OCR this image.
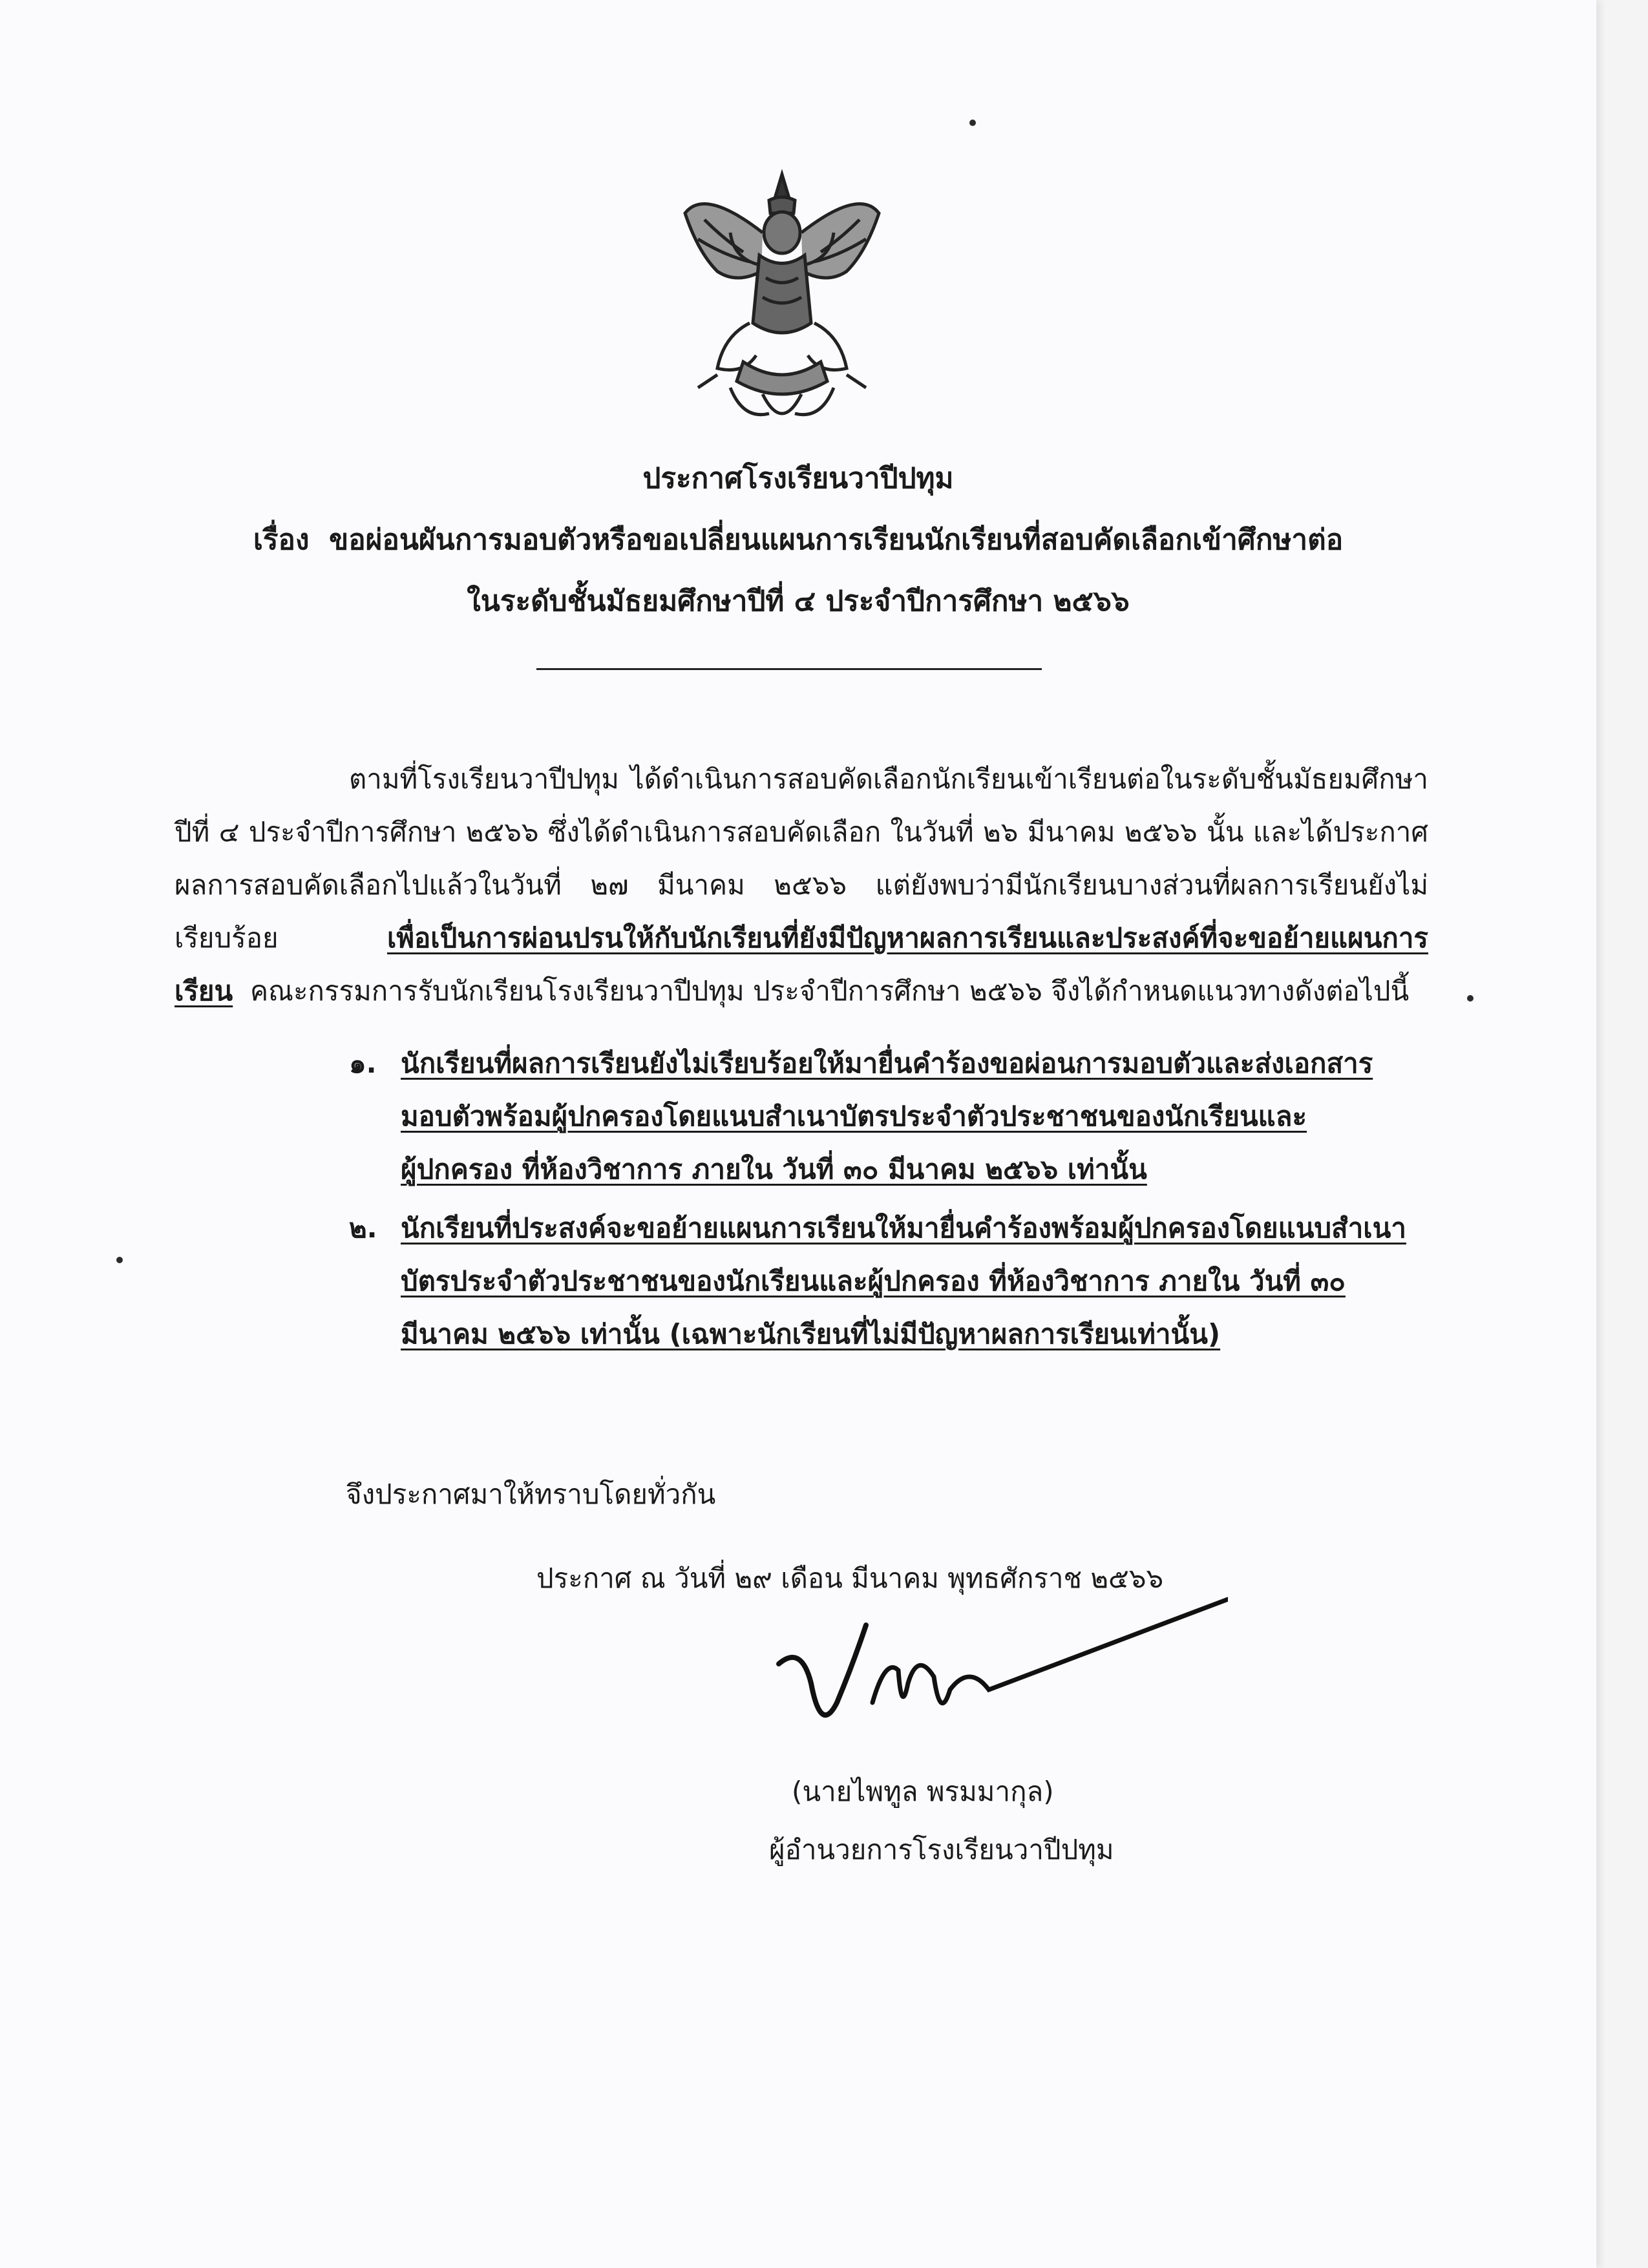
ประกาศโรงเรียนวาปีปทุม
เรื่อง ขอผ่อนผันการมอบตัวหรือขอเปลี่ยนแผนการเรียนนักเรียนที่สอบคัดเลือกเข้าศึกษาต่อ
ในระดับชั้นมัธยมศึกษาปีที่ ๔ ประจำปีการศึกษา ๒๕๖๖
ตามที่โรงเรียนวาปีปทุม ได้ดำเนินการสอบคัดเลือกนักเรียนเข้าเรียนต่อในระดับชั้นมัธยมศึกษาปีที่ ๔ ประจำปีการศึกษา ๒๕๖๖ ซึ่งได้ดำเนินการสอบคัดเลือก ในวันที่ ๒๖ มีนาคม ๒๕๖๖ นั้น และได้ประกาศผลการสอบคัดเลือกไปแล้วในวันที่ ๒๗ มีนาคม ๒๕๖๖ แต่ยังพบว่ามีนักเรียนบางส่วนที่ผลการเรียนยังไม่เรียบร้อย	เพื่อเป็นการผ่อนปรนให้กับนักเรียนที่ยังมีปัญหาผลการเรียนและประสงค์ที่จะขอย้ายแผนการเรียน คณะกรรมการรับนักเรียนโรงเรียนวาปีปทุม ประจำปีการศึกษา ๒๕๖๖ จึงได้กำหนดแนวทางดังต่อไปนี้
๑. นักเรียนที่ผลการเรียนยังไม่เรียบร้อยให้มายื่นคำร้องขอผ่อนการมอบตัวและส่งเอกสาร
มอบตัวพร้อมผู้ปกครองโดยแนบสำเนาบัตรประจำตัวประชาชนของนักเรียนและ
ผู้ปกครอง ที่ห้องวิชาการ ภายใน วันที่ ๓๐ มีนาคม ๒๕๖๖ เท่านั้น
๒. นักเรียนที่ประสงค์จะขอย้ายแผนการเรียนให้มายื่นคำร้องพร้อมผู้ปกครองโดยแนบสำเนา
บัตรประจำตัวประชาชนของนักเรียนและผู้ปกครอง ที่ห้องวิชาการ ภายใน วันที่ ๓๐
มีนาคม ๒๕๖๖ เท่านั้น (เฉพาะนักเรียนที่ไม่มีปัญหาผลการเรียนเท่านั้น)
จึงประกาศมาให้ทราบโดยทั่วกัน
ประกาศ ณ วันที่ ๒๙ เดือน มีนาคม พุทธศักราช ๒๕๖๖
(นายไพทูล พรมมากุล)
ผู้อำนวยการโรงเรียนวาปีปทุม
